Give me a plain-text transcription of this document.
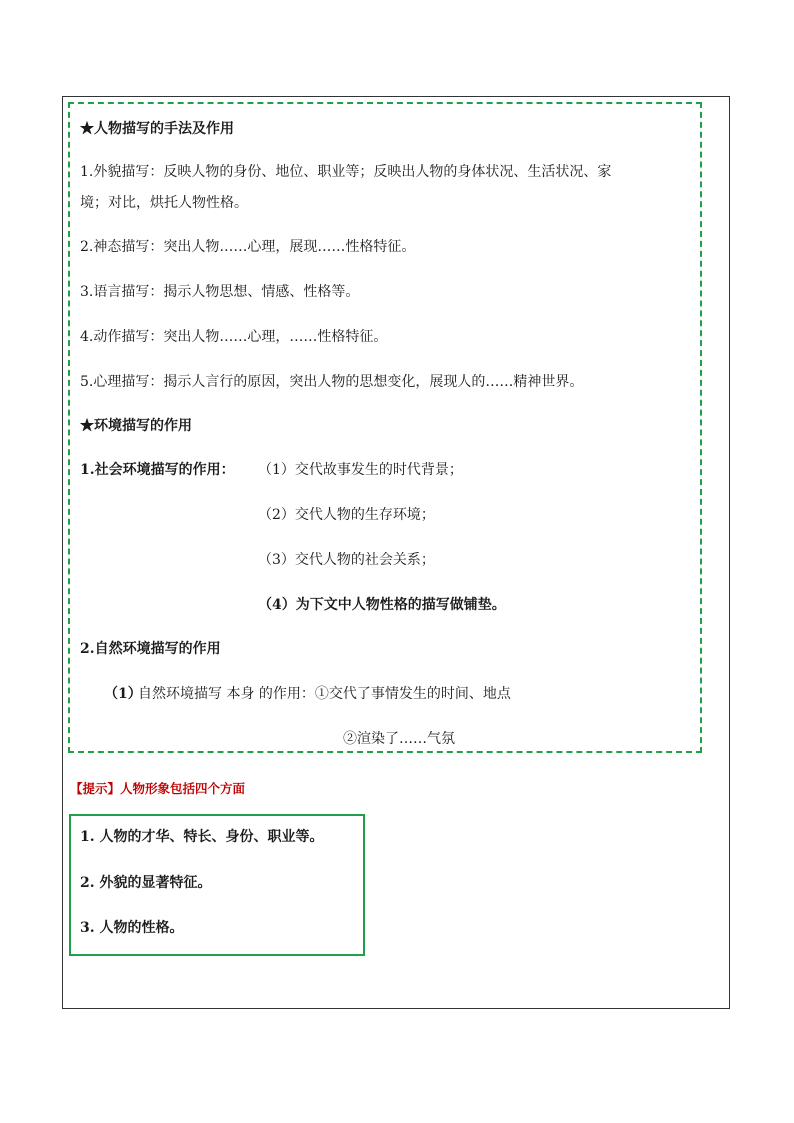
★人物描写的手法及作用
1.外貌描写：反映人物的身份、地位、职业等；反映出人物的身体状况、生活状况、家
境；对比，烘托人物性格。
2.神态描写：突出人物……心理，展现……性格特征。
3.语言描写：揭示人物思想、情感、性格等。
4.动作描写：突出人物……心理，……性格特征。
5.心理描写：揭示人言行的原因，突出人物的思想变化，展现人的……精神世界。
★环境描写的作用
1.社会环境描写的作用： （1）交代故事发生的时代背景；
（2）交代人物的生存环境；
（3）交代人物的社会关系；
（4）为下文中人物性格的描写做铺垫。
2.自然环境描写的作用
（1）
自然环境描写 本身 的作用：①交代了事情发生的时间、地点
②渲染了……气氛
【提示】人物形象包括四个方面
1. 人物的才华、特长、身份、职业等。
2. 外貌的显著特征。
3. 人物的性格。
